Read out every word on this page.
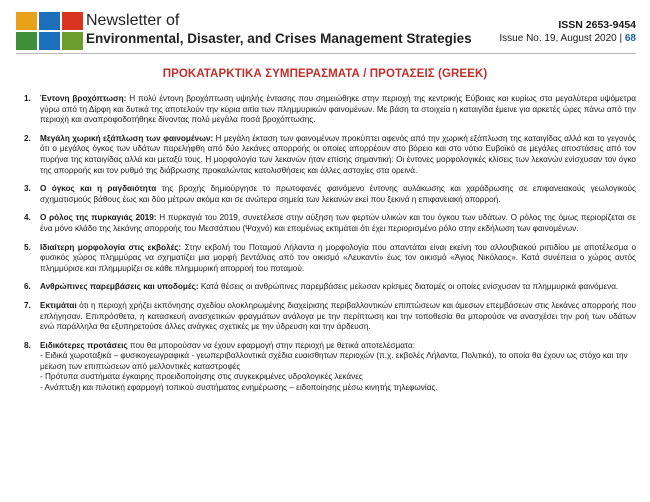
Newsletter of
Environmental, Disaster, and Crises Management Strategies
ISSN 2653-9454
Issue No. 19, August 2020 | 68
ΠΡΟΚΑΤΑΡΚΤΙΚΑ ΣΥΜΠΕΡΑΣΜΑΤΑ / ΠΡΟΤΑΣΕΙΣ (GREEK)
1. Έντονη βροχόπτωση: Η πολύ έντονη βροχόπτωση υψηλής έντασης που σημειώθηκε στην περιοχή της κεντρικής Εύβοιας και κυρίως στα μεγαλύτερα υψόμετρα γύρω από τη Δίρφη και δυτικά της αποτελούν την κύρια αιτία των πλημμυρικών φαινομένων. Με βάση τα στοιχεία η καταιγίδα έμεινε για αρκετές ώρες πάνω από την περιοχή και αναπροφοδοτήθηκε δίνοντας πολύ μεγάλα ποσά βροχόπτωσης.
2. Μεγάλη χωρική εξάπλωση των φαινομένων: Η μεγάλη έκταση των φαινομένων προκύπτει αφενός από την χωρική εξάπλωση της καταιγίδας αλλά και το γεγονός ότι ο μεγάλος όγκος των υδάτων παρελήφθη από δύο λεκάνες απορροής οι οποίες απορρέουν στο βόρειο και στο νότιο Ευβοϊκό σε μεγάλες αποστάσεις από τον πυρήνα της καταιγίδας αλλά και μεταξύ τους. Η μορφολογία των λεκανών ήταν επίσης σημαντική: Οι έντονες μορφολογικές κλίσεις των λεκανών ενίσχυσαν τον όγκο της απορροής και τον ρυθμό της διάβρωσης προκαλώντας κατολισθήσεις και άλλες αστοχίες στα ορεινά.
3. Ο όγκος και η ραγδαιότητα της βροχής δημιούργησε το πρωτοφανές φαινόμενο έντονης αυλάκωσης και χαράδρωσης σε επιφανειακούς γεωλογικούς σχηματισμούς βάθους έως και δύο μέτρων ακόμα και σε ανώτερα σημεία των λεκανών εκεί που ξεκινά η επιφανειακή απορροή.
4. Ο ρόλος της πυρκαγιάς 2019: Η πυρκαγιά του 2019, συνετέλεσε στην αύξηση των φερτών υλικών και του όγκου των υδάτων. Ο ρόλος της όμως περιορίζεται σε ένα μόνο κλάδο της λεκάνης απορροής του Μεσσάπιου (Ψαχνό) και επομένως εκτιμάται ότι έχει περιορισμένο ρόλο στην εκδήλωση των φαινομένων.
5. Ιδιαίτερη μορφολογία στις εκβολές: Στην εκβολή του Ποταμού Λήλαντα η μορφολογία που απαντάται είναι εκείνη του αλλουβιακού ριπιδίου με αποτέλεσμα ο φυσικός χώρος πλημμύρας να σχηματίζει μια μορφή βεντάλιας από τον οικισμό «Λευκαντί» έως τον οικισμό «Άγιος Νικόλαος». Κατά συνέπεια ο χώρος αυτός πλημμύρισε και πλημμυρίζει σε κάθε πλημμυρική απορροή του ποταμού.
6. Ανθρώπινες παρεμβάσεις και υποδομές: Κατά θέσεις οι ανθρώπινες παρεμβάσεις μείωσαν κρίσιμες διατομές οι οποίες ενίσχυσαν τα πλημμυρικά φαινόμενα.
7. Εκτιμάται ότι η περιοχή χρήζει εκπόνησης σχεδίου ολοκληρωμένης διαχείρισης περιβαλλοντικών επιπτώσεων και άμεσων επεμβάσεων στις λεκάνες απορροής που επλήγησαν. Επιπρόσθετα, η κατασκευή ανασχετικών φραγμάτων ανάλογα με την περίπτωση και την τοποθεσία θα μπορούσε να ανασχέσει την ροή των υδάτων ενώ παράλληλα θα εξυπηρετούσε άλλες ανάγκες σχετικές με την ύδρευση και την άρδευση.
8. Ειδικότερες προτάσεις που θα μπορούσαν να έχουν εφαρμογή στην περιοχή με θετικά αποτελέσματα:
- Ειδικά χωροταξικά – φυσικογεωγραφικά - γεωπεριβαλλοντικά σχέδια ευαισθητων περιοχών (π.χ. εκβολές Λήλαντα, Πολιτικά), το οποία θα έχουν ως στόχο και την μείωση των επιπτώσεων από μελλοντικές καταστροφές
- Πρότυπα συστήματα έγκαιρης προειδοποίησης στις συγκεκριμένες υδρολογικές λεκάνες
- Ανάπτυξη και πιλοτική εφαρμογή τοπικού συστήματος ενημέρωσης – ειδοποίησης μέσω κινητής τηλεφωνίας.
